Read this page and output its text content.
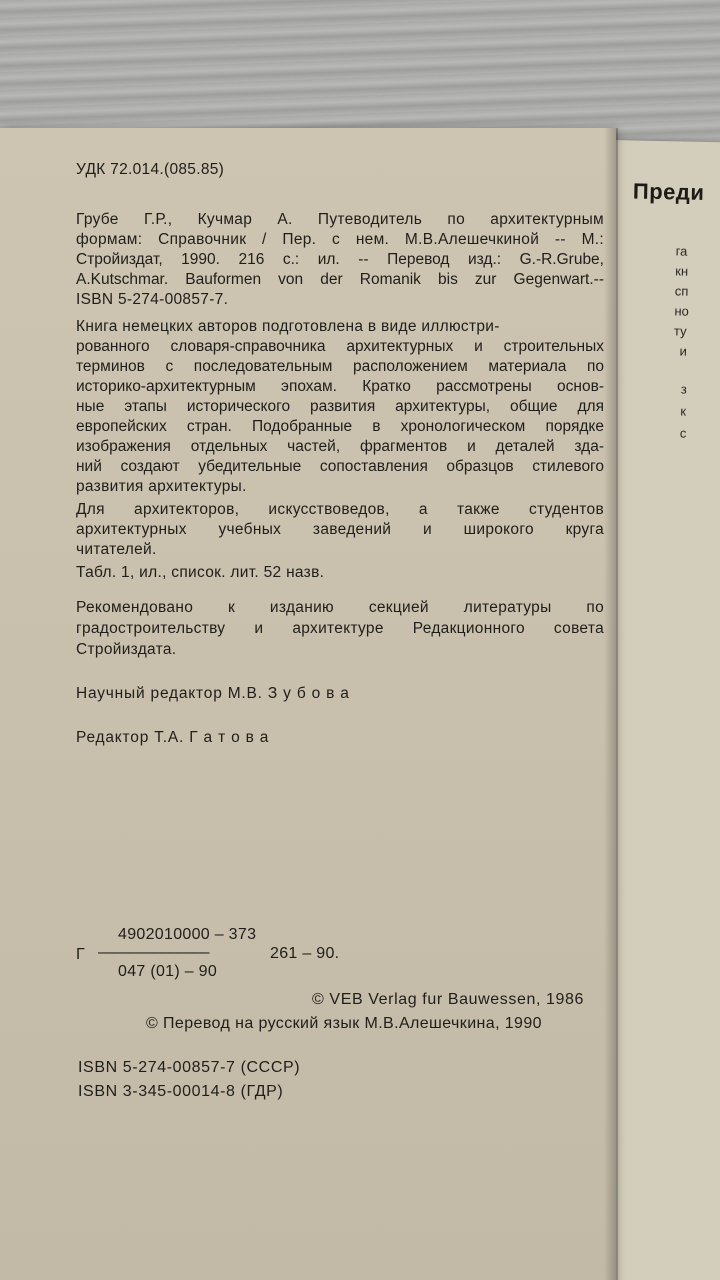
Преди
га
кн
сп
но
ту
и
з
к
с
УДК 72.014.(085.85)
Грубе Г.Р., Кучмар А. Путеводитель по архитектурным
формам: Справочник / Пер. с нем. М.В.Алешечкиной -- М.:
Стройиздат, 1990. 216 с.: ил. -- Перевод изд.: G.-R.Grube,
A.Kutschmar. Bauformen von der Romanik bis zur Gegenwart.--
ISBN 5-274-00857-7.
Книга немецких авторов подготовлена в виде иллюстри-
рованного словаря-справочника архитектурных и строительных
терминов с последовательным расположением материала по
историко-архитектурным эпохам. Кратко рассмотрены основ-
ные этапы исторического развития архитектуры, общие для
европейских стран. Подобранные в хронологическом порядке
изображения отдельных частей, фрагментов и деталей зда-
ний создают убедительные сопоставления образцов стилевого
развития архитектуры.
Для архитекторов, искусствоведов, а также студентов
архитектурных учебных заведений и широкого круга
читателей.
Табл. 1, ил., список. лит. 52 назв.
Рекомендовано к изданию секцией литературы по
градостроительству и архитектуре Редакционного совета
Стройиздата.
Научный редактор М.В. З у б о в а
Редактор Т.А. Г а т о в а
Г
4902010000 – 373
––––––––––––––	261 – 90.
047 (01) – 90
© VEB Verlag fur Bauwessen, 1986
© Перевод на русский язык М.В.Алешечкина, 1990
ISBN 5-274-00857-7 (СССР)
ISBN 3-345-00014-8 (ГДР)
